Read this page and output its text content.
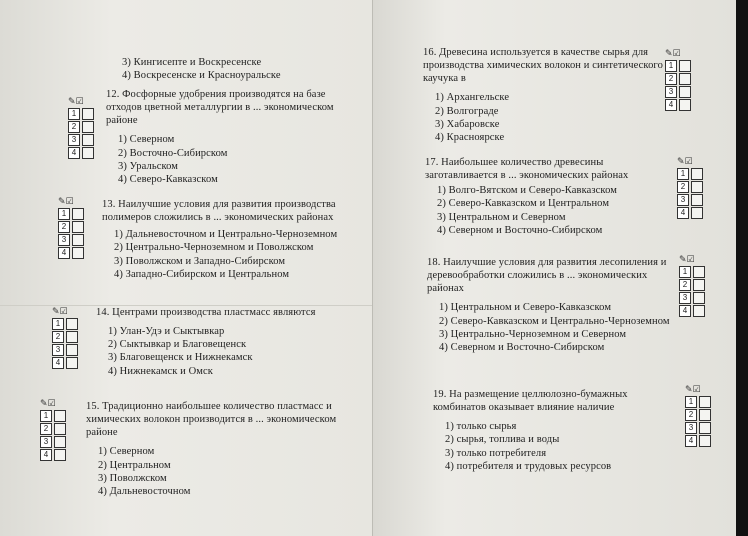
3) Кингисепте и Воскресенске
4) Воскресенске и Красноуральске
✎☑
1
2
3
4
12. Фосфорные удобрения производятся на базе отходов цветной металлургии в ... экономическом районе
1) Северном
2) Восточно-Сибирском
3) Уральском
4) Северо-Кавказском
✎☑
1
2
3
4
13. Наилучшие условия для развития производства полимеров сложились в ... экономических районах
1) Дальневосточном и Центрально-Черноземном
2) Центрально-Черноземном и Поволжском
3) Поволжском и Западно-Сибирском
4) Западно-Сибирском и Центральном
✎☑
1
2
3
4
14. Центрами производства пластмасс являются
1) Улан-Удэ и Сыктывкар
2) Сыктывкар и Благовещенск
3) Благовещенск и Нижнекамск
4) Нижнекамск и Омск
✎☑
1
2
3
4
15. Традиционно наибольшее количество пластмасс и химических волокон производится в ... экономическом районе
1) Северном
2) Центральном
3) Поволжском
4) Дальневосточном
16. Древесина используется в качестве сырья для производства химических волокон и синтетического каучука в
1) Архангельске
2) Волгограде
3) Хабаровске
4) Красноярске
✎☑
1
2
3
4
17. Наибольшее количество древесины заготавливается в ... экономических районах
1) Волго-Вятском и Северо-Кавказском
2) Северо-Кавказском и Центральном
3) Центральном и Северном
4) Северном и Восточно-Сибирском
✎☑
1
2
3
4
18. Наилучшие условия для развития лесопиления и деревообработки сложились в ... экономических районах
1) Центральном и Северо-Кавказском
2) Северо-Кавказском и Центрально-Черноземном
3) Центрально-Черноземном и Северном
4) Северном и Восточно-Сибирском
✎☑
1
2
3
4
19. На размещение целлюлозно-бумажных комбинатов оказывает влияние наличие
1) только сырья
2) сырья, топлива и воды
3) только потребителя
4) потребителя и трудовых ресурсов
✎☑
1
2
3
4
